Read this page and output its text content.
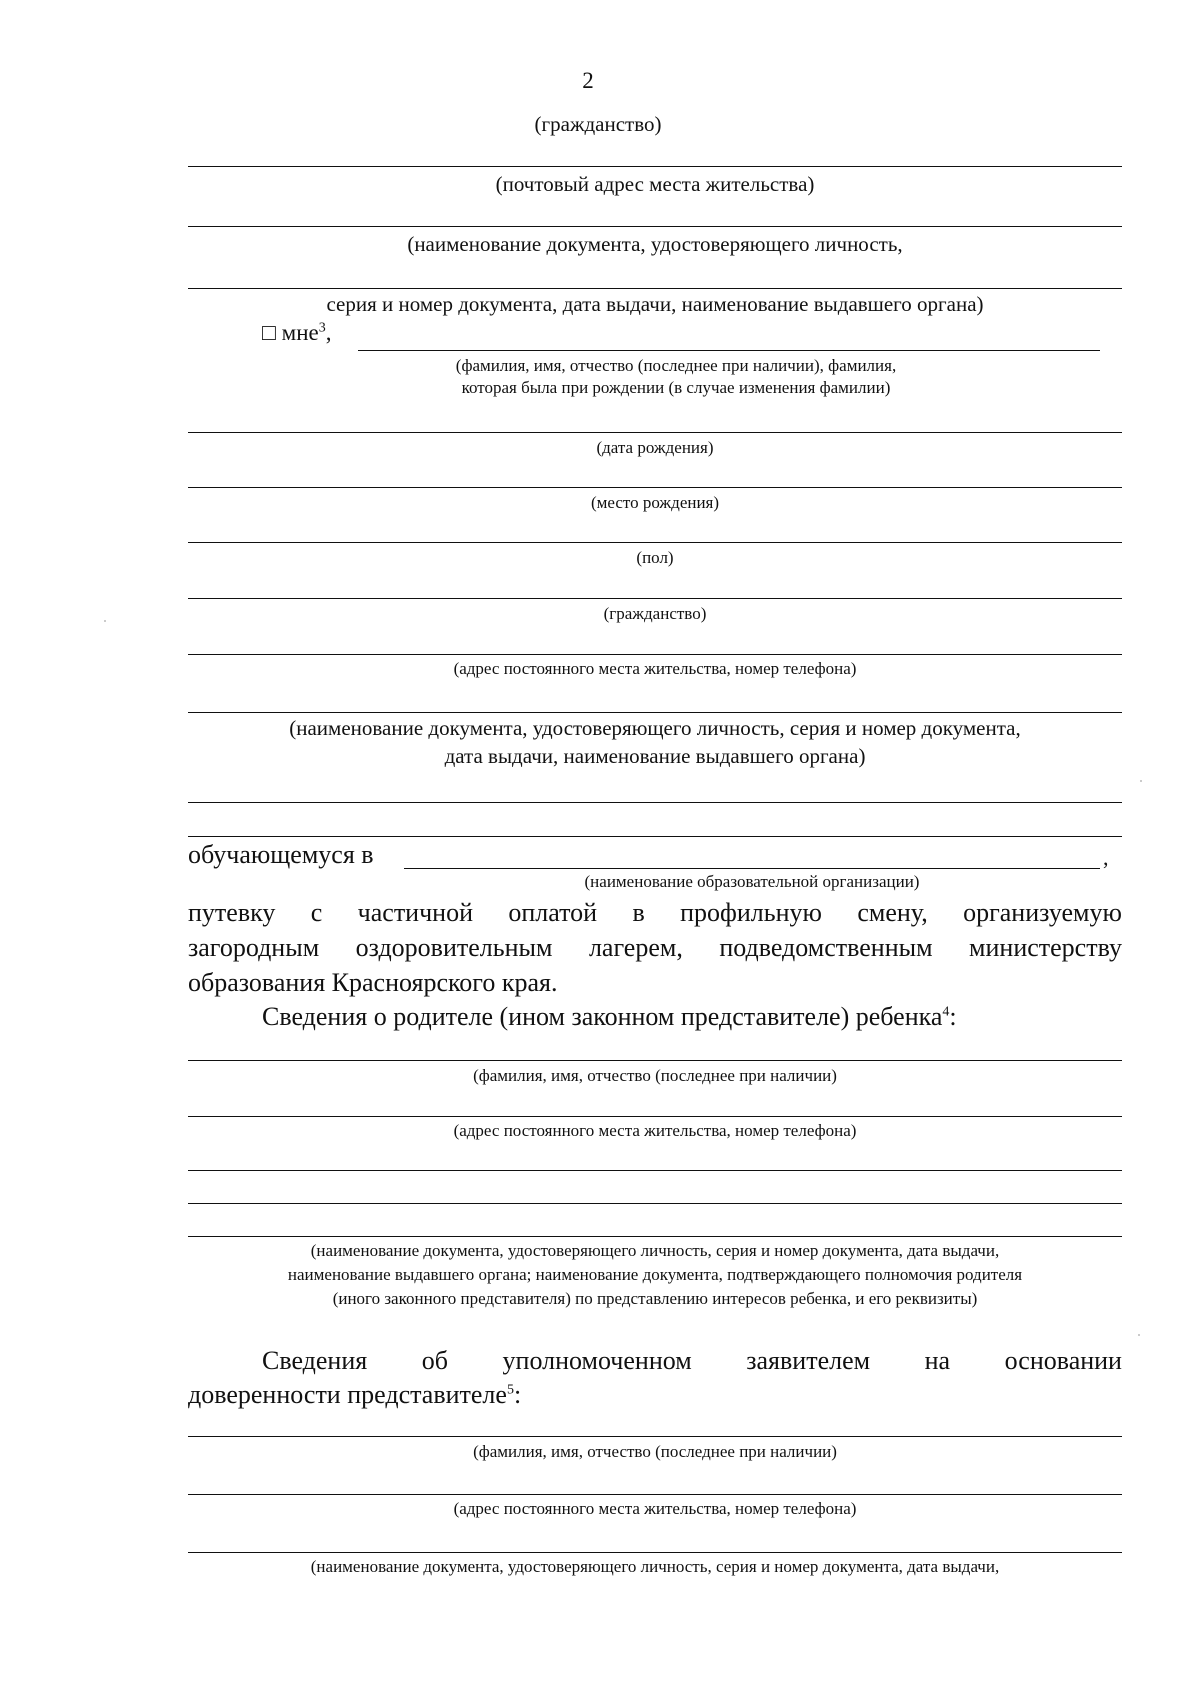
2
(гражданство)
(почтовый адрес места жительства)
(наименование документа, удостоверяющего личность,
серия и номер документа, дата выдачи, наименование выдавшего органа)
□ мне$^3$,
(фамилия, имя, отчество (последнее при наличии), фамилия,
которая была при рождении (в случае изменения фамилии)
(дата рождения)
(место рождения)
(пол)
(гражданство)
(адрес постоянного места жительства, номер телефона)
(наименование документа, удостоверяющего личность, серия и номер документа,
дата выдачи, наименование выдавшего органа)
обучающемуся в	,
(наименование образовательной организации)
путевку с частичной оплатой в профильную смену, организуемую
загородным оздоровительным лагерем, подведомственным министерству
образования Красноярского края.
Сведения о родителе (ином законном представителе) ребенка$^4$:
(фамилия, имя, отчество (последнее при наличии)
(адрес постоянного места жительства, номер телефона)
(наименование документа, удостоверяющего личность, серия и номер документа, дата выдачи,
наименование выдавшего органа; наименование документа, подтверждающего полномочия родителя
(иного законного представителя) по представлению интересов ребенка, и его реквизиты)
Сведения об уполномоченном заявителем на основании
доверенности представителе$^5$:
(фамилия, имя, отчество (последнее при наличии)
(адрес постоянного места жительства, номер телефона)
(наименование документа, удостоверяющего личность, серия и номер документа, дата выдачи,
